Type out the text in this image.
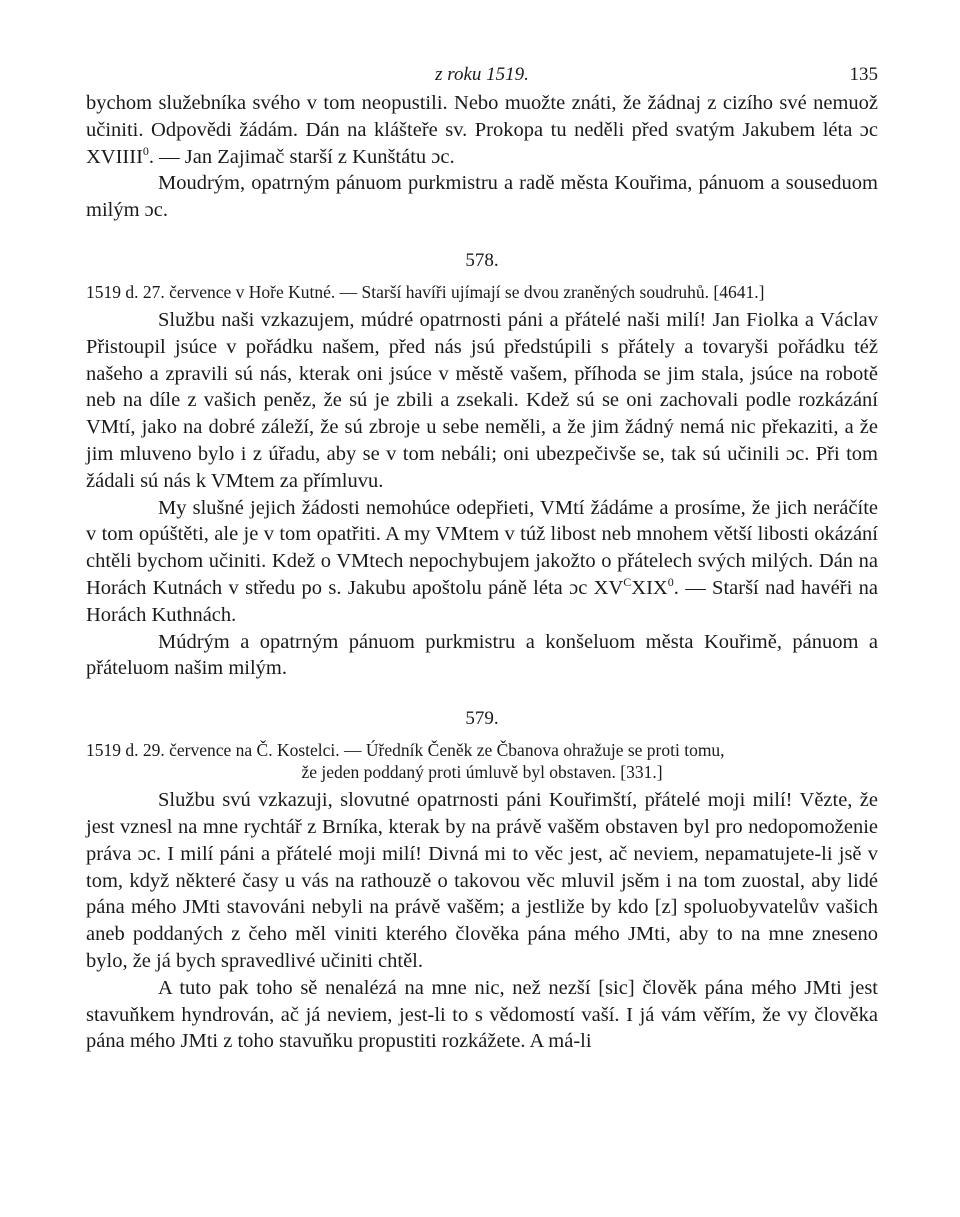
z roku 1519.	135

bychom služebníka svého v tom neopustili. Nebo muožte znáti, že žádnaj z cizího své nemuož učiniti. Odpovědi žádám. Dán na klášteře sv. Prokopa tu neděli před svatým Jakubem léta ɔc XVIIII$^0$. — Jan Zajimač starší z Kunštátu ɔc.

Moudrým, opatrným pánuom purkmistru a radě města Kouřima, pánuom a souseduom milým ɔc.

578.
1519 d. 27. července v Hoře Kutné. — Starší havíři ujímají se dvou zraněných soudruhů. [4641.]

Službu naši vzkazujem, múdré opatrnosti páni a přátelé naši milí! Jan Fiolka a Václav Přistoupil jsúce v pořádku našem, před nás jsú předstúpili s přátely a tovaryši pořádku též našeho a zpravili sú nás, kterak oni jsúce v městě vašem, příhoda se jim stala, jsúce na robotě neb na díle z vašich peněz, že sú je zbili a zsekali. Kdež sú se oni zachovali podle rozkázání VMtí, jako na dobré záleží, že sú zbroje u sebe neměli, a že jim žádný nemá nic překaziti, a že jim mluveno bylo i z úřadu, aby se v tom nebáli; oni ubezpečivše se, tak sú učinili ɔc. Při tom žádali sú nás k VMtem za přímluvu.

My slušné jejich žádosti nemohúce odepřieti, VMtí žádáme a prosíme, že jich neráčíte v tom opúštěti, ale je v tom opatřiti. A my VMtem v túž libost neb mnohem větší libosti okázání chtěli bychom učiniti. Kdež o VMtech nepochybujem jakožto o přátelech svých milých. Dán na Horách Kutnách v středu po s. Jakubu apoštolu páně léta ɔc $XV^CXIX^0$. — Starší nad havéři na Horách Kuthnách.

Múdrým a opatrným pánuom purkmistru a konšeluom města Kouřimě, pánuom a přáteluom našim milým.

579.
1519 d. 29. července na Č. Kostelci. — Úředník Čeněk ze Čbanova ohražuje se proti tomu,
že jeden poddaný proti úmluvě byl obstaven. [331.]

Službu svú vzkazuji, slovutné opatrnosti páni Kouřimští, přátelé moji milí! Vězte, že jest vznesl na mne rychtář z Brníka, kterak by na právě vašěm obstaven byl pro nedopomoženie práva ɔc. I milí páni a přátelé moji milí! Divná mi to věc jest, ač neviem, nepamatujete-li jsě v tom, když některé časy u vás na rathouzě o takovou věc mluvil jsěm i na tom zuostal, aby lidé pána mého JMti stavováni nebyli na právě vašěm; a jestliže by kdo [z] spoluobyvatelův vašich aneb poddaných z čeho měl viniti kterého člověka pána mého JMti, aby to na mne zneseno bylo, že já bych spravedlivé učiniti chtěl.

A tuto pak toho sě nenalézá na mne nic, než nezší [sic] člověk pána mého JMti jest stavuňkem hyndrován, ač já neviem, jest-li to s vědomostí vaší. I já vám věřím, že vy člověka pána mého JMti z toho stavuňku propustiti rozkážete. A má-li
